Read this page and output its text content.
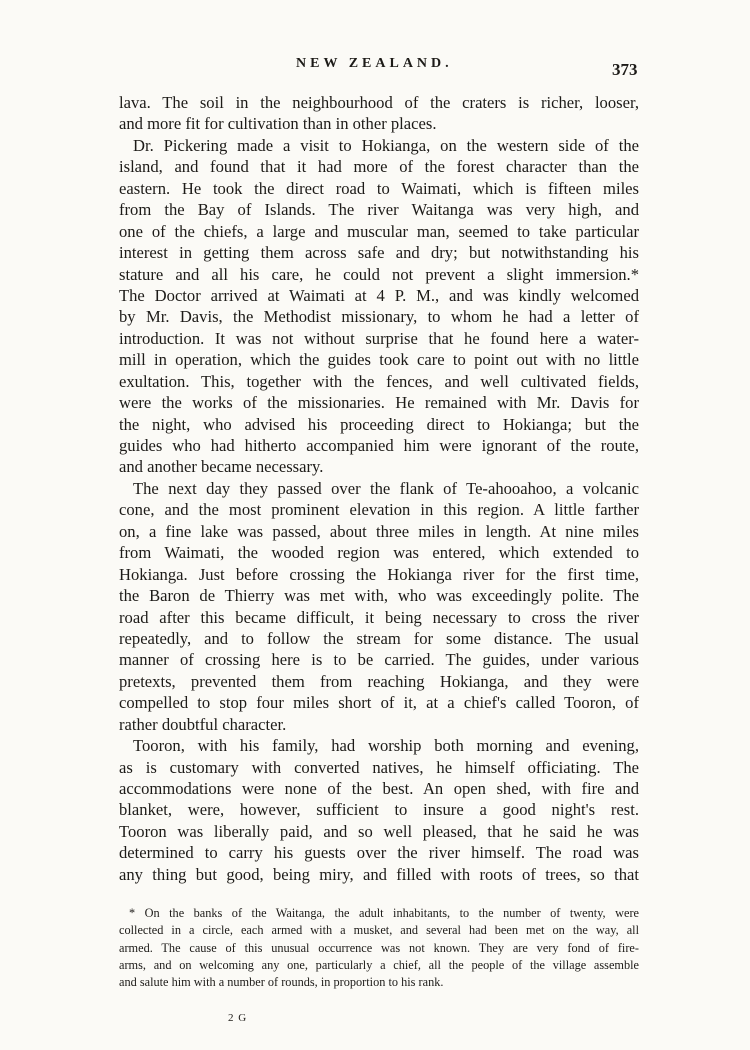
NEW ZEALAND.	373
lava. The soil in the neighbourhood of the craters is richer, looser,
and more fit for cultivation than in other places.
Dr. Pickering made a visit to Hokianga, on the western side of the
island, and found that it had more of the forest character than the
eastern. He took the direct road to Waimati, which is fifteen miles
from the Bay of Islands. The river Waitanga was very high, and
one of the chiefs, a large and muscular man, seemed to take particular
interest in getting them across safe and dry; but notwithstanding his
stature and all his care, he could not prevent a slight immersion.*
The Doctor arrived at Waimati at 4 P. M., and was kindly welcomed
by Mr. Davis, the Methodist missionary, to whom he had a letter of
introduction. It was not without surprise that he found here a water-
mill in operation, which the guides took care to point out with no little
exultation. This, together with the fences, and well cultivated fields,
were the works of the missionaries. He remained with Mr. Davis for
the night, who advised his proceeding direct to Hokianga; but the
guides who had hitherto accompanied him were ignorant of the route,
and another became necessary.
The next day they passed over the flank of Te-ahooahoo, a volcanic
cone, and the most prominent elevation in this region. A little farther
on, a fine lake was passed, about three miles in length. At nine miles
from Waimati, the wooded region was entered, which extended to
Hokianga. Just before crossing the Hokianga river for the first time,
the Baron de Thierry was met with, who was exceedingly polite. The
road after this became difficult, it being necessary to cross the river
repeatedly, and to follow the stream for some distance. The usual
manner of crossing here is to be carried. The guides, under various
pretexts, prevented them from reaching Hokianga, and they were
compelled to stop four miles short of it, at a chief's called Tooron, of
rather doubtful character.
Tooron, with his family, had worship both morning and evening,
as is customary with converted natives, he himself officiating. The
accommodations were none of the best. An open shed, with fire and
blanket, were, however, sufficient to insure a good night's rest.
Tooron was liberally paid, and so well pleased, that he said he was
determined to carry his guests over the river himself. The road was
any thing but good, being miry, and filled with roots of trees, so that
* On the banks of the Waitanga, the adult inhabitants, to the number of twenty, were
collected in a circle, each armed with a musket, and several had been met on the way, all
armed. The cause of this unusual occurrence was not known. They are very fond of fire-
arms, and on welcoming any one, particularly a chief, all the people of the village assemble
and salute him with a number of rounds, in proportion to his rank.
2 G
